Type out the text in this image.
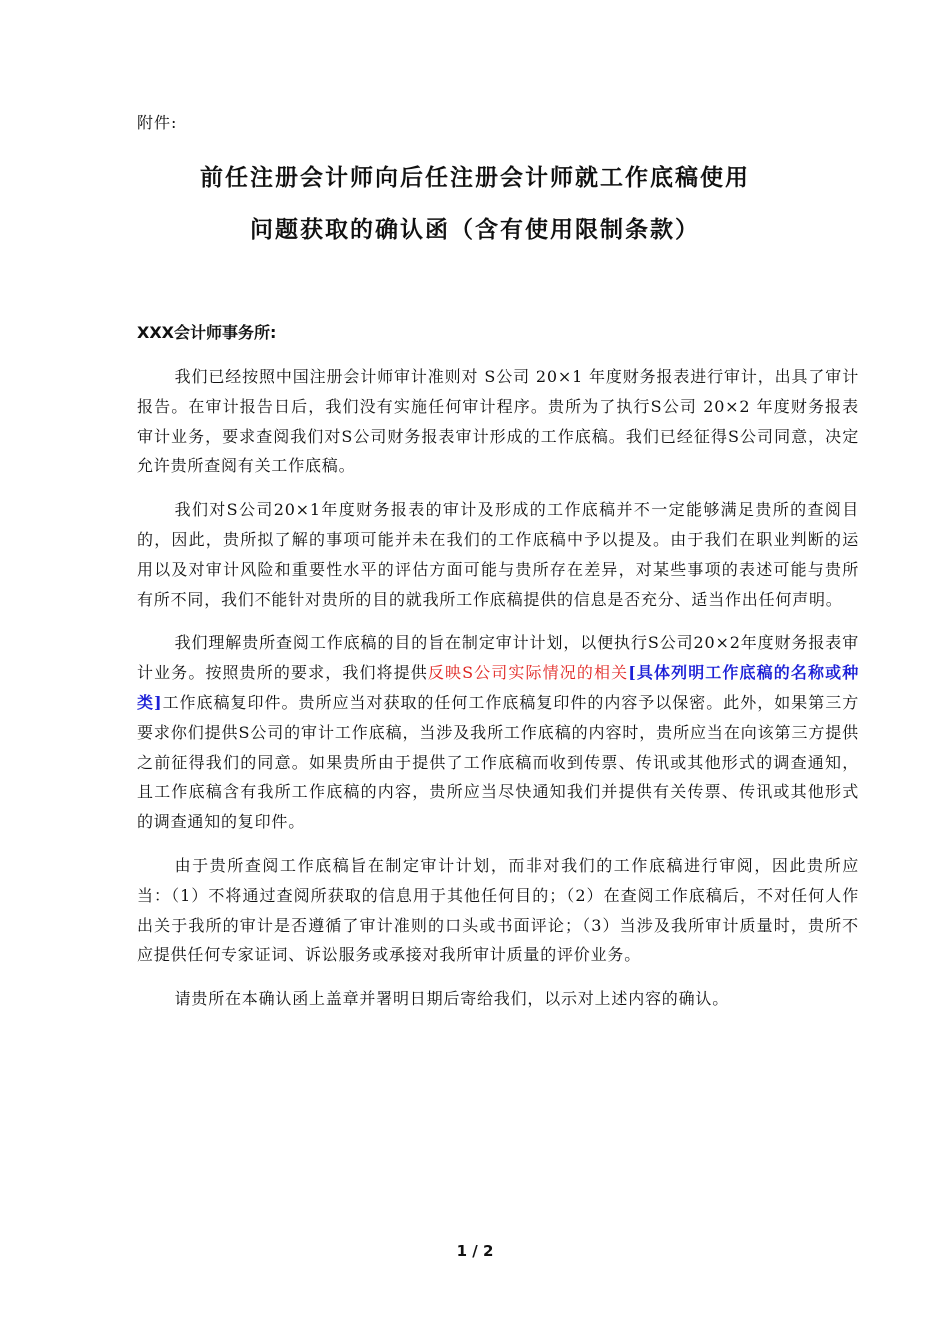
附件:
前任注册会计师向后任注册会计师就工作底稿使用
问题获取的确认函（含有使用限制条款）
XXX会计师事务所:

我们已经按照中国注册会计师审计准则对 S公司 20×1 年度财务报表进行审计，出具了审计报告。在审计报告日后，我们没有实施任何审计程序。贵所为了执行S公司 20×2 年度财务报表审计业务，要求查阅我们对S公司财务报表审计形成的工作底稿。我们已经征得S公司同意，决定允许贵所查阅有关工作底稿。

我们对S公司20×1年度财务报表的审计及形成的工作底稿并不一定能够满足贵所的查阅目的，因此，贵所拟了解的事项可能并未在我们的工作底稿中予以提及。由于我们在职业判断的运用以及对审计风险和重要性水平的评估方面可能与贵所存在差异，对某些事项的表述可能与贵所有所不同，我们不能针对贵所的目的就我所工作底稿提供的信息是否充分、适当作出任何声明。

我们理解贵所查阅工作底稿的目的旨在制定审计计划，以便执行S公司20×2年度财务报表审计业务。按照贵所的要求，我们将提供反映S公司实际情况的相关[具体列明工作底稿的名称或种类]工作底稿复印件。贵所应当对获取的任何工作底稿复印件的内容予以保密。此外，如果第三方要求你们提供S公司的审计工作底稿，当涉及我所工作底稿的内容时，贵所应当在向该第三方提供之前征得我们的同意。如果贵所由于提供了工作底稿而收到传票、传讯或其他形式的调查通知，且工作底稿含有我所工作底稿的内容，贵所应当尽快通知我们并提供有关传票、传讯或其他形式的调查通知的复印件。

由于贵所查阅工作底稿旨在制定审计计划，而非对我们的工作底稿进行审阅，因此贵所应当：（1）不将通过查阅所获取的信息用于其他任何目的；（2）在查阅工作底稿后，不对任何人作出关于我所的审计是否遵循了审计准则的口头或书面评论；（3）当涉及我所审计质量时，贵所不应提供任何专家证词、诉讼服务或承接对我所审计质量的评价业务。

请贵所在本确认函上盖章并署明日期后寄给我们，以示对上述内容的确认。

1 / 2
